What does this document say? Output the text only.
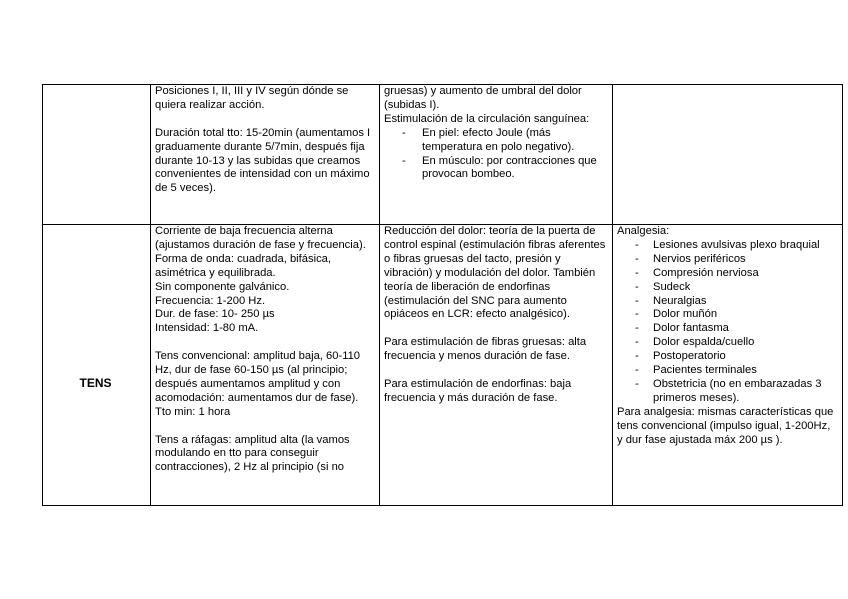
Posiciones I, II, III y IV según dónde se quiera realizar acción.

Duración total tto: 15-20min (aumentamos I graduamente durante 5/7min, después fija durante 10-13 y las subidas que creamos convenientes de intensidad con un máximo de 5 veces).

gruesas) y aumento de umbral del dolor (subidas I).

Estimulación de la circulación sanguínea:

- En piel: efecto Joule (más temperatura en polo negativo).

- En músculo: por contracciones que provocan bombeo.

TENS

Corriente de baja frecuencia alterna (ajustamos duración de fase y frecuencia).

Forma de onda: cuadrada, bifásica, asimétrica y equilibrada.

Sin componente galvánico.

Frecuencia: 1-200 Hz.

Dur. de fase: 10- 250 µs

Intensidad: 1-80 mA.

Tens convencional: amplitud baja, 60-110 Hz, dur de fase 60-150 µs (al principio; después aumentamos amplitud y con acomodación: aumentamos dur de fase).

Tto min: 1 hora

Tens a ráfagas: amplitud alta (la vamos modulando en tto para conseguir contracciones), 2 Hz al principio (si no

Reducción del dolor: teoría de la puerta de control espinal (estimulación fibras aferentes o fibras gruesas del tacto, presión y vibración) y modulación del dolor. También teoría de liberación de endorfinas (estimulación del SNC para aumento opiáceos en LCR: efecto analgésico).

Para estimulación de fibras gruesas: alta frecuencia y menos duración de fase.

Para estimulación de endorfinas: baja frecuencia y más duración de fase.

Analgesia:

- Lesiones avulsivas plexo braquial

- Nervios periféricos

- Compresión nerviosa

- Sudeck

- Neuralgias

- Dolor muñón

- Dolor fantasma

- Dolor espalda/cuello

- Postoperatorio

- Pacientes terminales

- Obstetricia (no en embarazadas 3 primeros meses).

Para analgesia: mismas características que tens convencional (impulso igual, 1-200Hz, y dur fase ajustada máx 200 µs ).
